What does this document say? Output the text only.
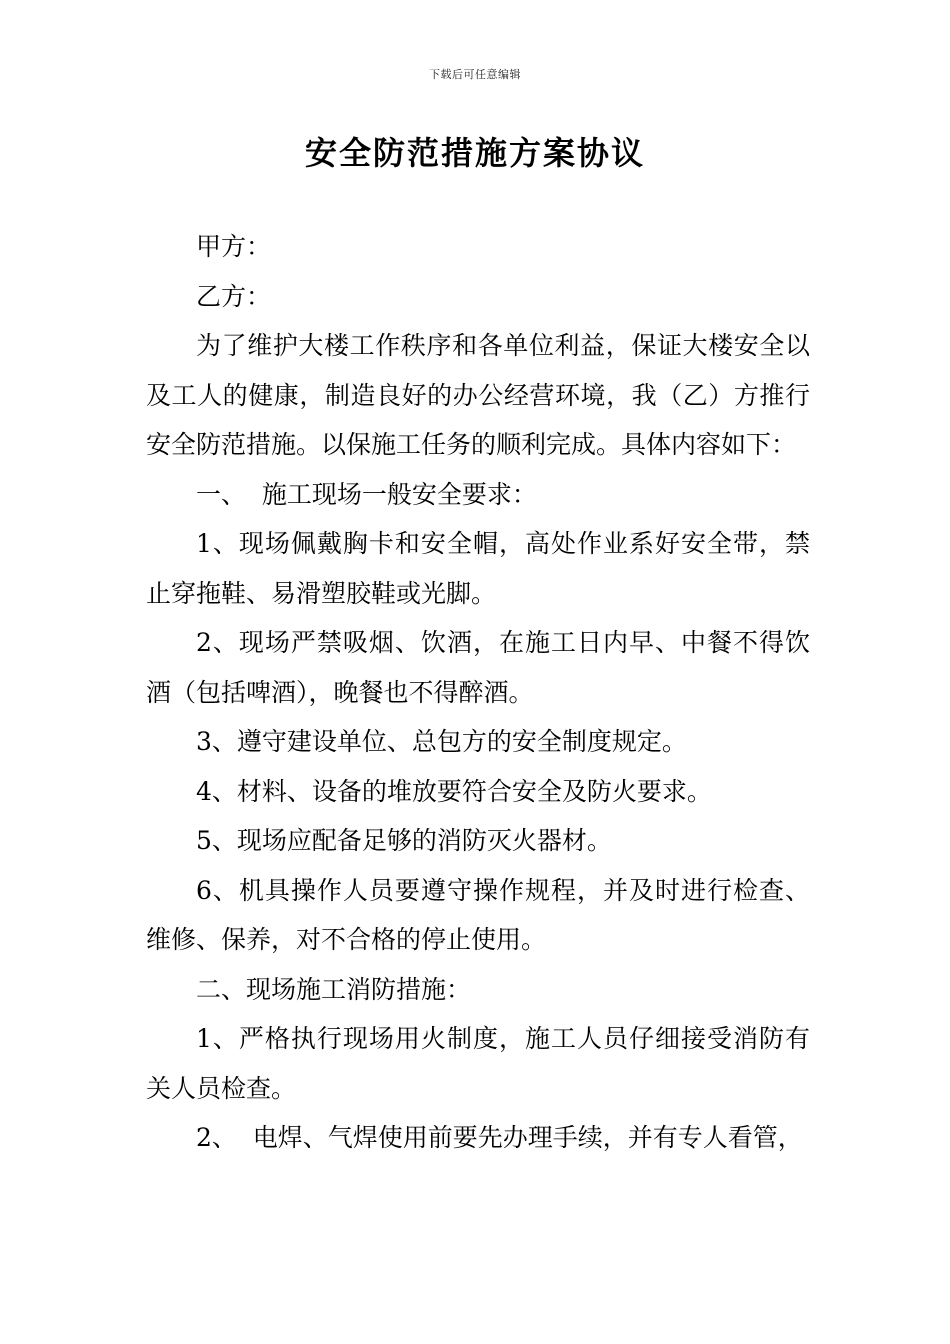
下载后可任意编辑
安全防范措施方案协议

甲方：

乙方：

为了维护大楼工作秩序和各单位利益，保证大楼安全以及工人的健康，制造良好的办公经营环境，我（乙）方推行安全防范措施。以保施工任务的顺利完成。具体内容如下：

一、  施工现场一般安全要求：

1、现场佩戴胸卡和安全帽，高处作业系好安全带，禁止穿拖鞋、易滑塑胶鞋或光脚。

2、现场严禁吸烟、饮酒，在施工日内早、中餐不得饮酒（包括啤酒），晚餐也不得醉酒。

3、遵守建设单位、总包方的安全制度规定。

4、材料、设备的堆放要符合安全及防火要求。

5、现场应配备足够的消防灭火器材。

6、机具操作人员要遵守操作规程，并及时进行检查、维修、保养，对不合格的停止使用。

二、现场施工消防措施：

1、严格执行现场用火制度，施工人员仔细接受消防有关人员检查。

2、  电焊、气焊使用前要先办理手续，并有专人看管，
